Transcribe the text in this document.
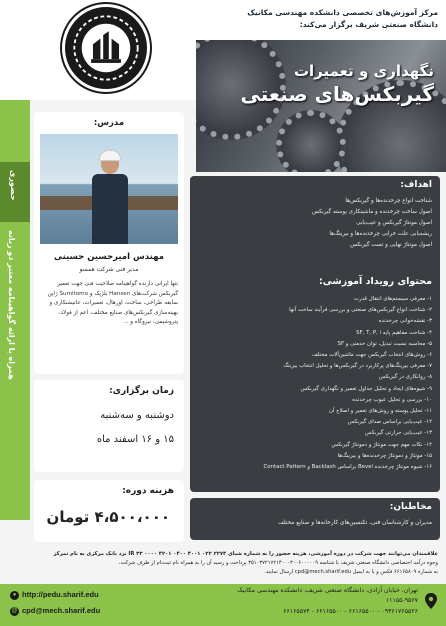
مرکز آموزش‌های تخصصی دانشکده مهندسی مکانیک
دانشگاه صنعتی شریف برگزار می‌کند:
نگهداری و تعمیرات
گیربکس‌های صنعتی
حضوری
همراه با ارائه گواهینامه معتبر دو زبانه
مدرس:
مهندس امیرحسین حسینی
مدیر فنی شرکت همسو
تنها ایرانی دارنده گواهینامه صلاحیت فنی جهت تعمیر
گیربکس شرکت‌های Hansen بلژیک و Sumitomo ژاپن
سابقه طراحی، ساخت، اورهال، تعمیرات، عانیشنکاری و
بهینه‌سازی گیربکس‌های صنایع مختلف، اعم از فولاد،
پتروشیمی، نیروگاه و ...
زمان برگزاری:
دوشنبه و سه‌شنبه
۱۵ و ۱۶ اسفند ماه
هزینه دوره:
۴،۵۰۰،۰۰۰ تومان
اهداف:
شناخت انواع چرخدنده‌ها و گیربکس‌ها
اصول ساخت چرخدنده و ماشینکاری پوسته گیربکس
اصول مونتاژ گیربکس و عیب‌یابی
ریشه‌یابی علت خرابی چرخدنده‌ها و بیرینگ‌ها
اصول مونتاژ نهایی و تست گیربکس
محتوای رویداد آموزشی:
۱- معرفی سیستم‌های انتقال قدرت
۲- شناخت انواع گیربکس‌های صنعتی و بررسی فرآیند ساخت آنها
۳- نقشه‌خوانی چرخدنده
۴- شناخت مفاهیم پایه SF, T, P, i
۵- محاسبه نسبت تبدیل، توان خدمتی و SF
۶- روش‌های انتخاب گیربکس جهت ماشین‌آلات مختلف
۷- معرفی بیرینگ‌های پرکاربرد در گیربکس‌ها و تحلیل انتخاب بیرینگ
۸- روانکاری در گیربکس
۹- شیوه‌های ایجاد و تحلیل جداول تعمیر و نگهداری گیربکس
۱۰- بررسی و تحلیل عیوب چرخدنده
۱۱- تحلیل پوسته و روش‌های تعمیر و اصلاح آن
۱۲- عیب‌یابی براساس صدای گیربکس
۱۳- عیب‌یابی حرارتی گیربکس
۱۴- نکات مهم جهت مونتاژ و دمونتاژ گیربکس
۱۵- مونتاژ و دمونتاژ چرخدنده‌ها و بیرینگ‌ها
۱۶- شیوه مونتاژ چرخدنده Bevel براساس Backlash و Contact Pattern
مخاطبان:
مدیران و کارشناسان فنی، تکنسین‌های کارخانه‌ها و صنایع مختلف

علاقمندان می‌توانند جهت شرکت در دوره آموزشی، هزینه حضور را به شماره شبای ۲۲۷۴ ۰۲۲ ۴۰۰۱ ۰۴۰۰ ۴۲۰۱ ۰۰۰۰ ۳۳ IR نزد بانک مرکزی به نام تمرکز

وجوه درآمد اختصاصی دانشگاه صنعتی شریف با شناسه ۳۵۱۰۳۷۲۱۷۲۱۴۰۰۰۳۰۰۶۰۰۰۰۰۹ پرداخت و رسید آن را به همراه نام ثبت‌نام از طرف شرکت،

به شماره ۶۶۱۶۵۸۰۹ فکس و یا به ایمیل cpd@mech.sharif.edu ارسال نمایند.

● http://pedu.sharif.edu
@ cpd@mech.sharif.edu
تهران، خیابان آزادی، دانشگاه صنعتی شریف، دانشکده مهندسی مکانیک
۱۱۱۵۵-۹۵۶۷
۰۹۳۶۱۷۶۵۵۲۶ - ۶۶۱۶۵۵۰۰ - ۶۶۱۶۵۵۰۰ - ۶۶۱۶۵۵۷۴
